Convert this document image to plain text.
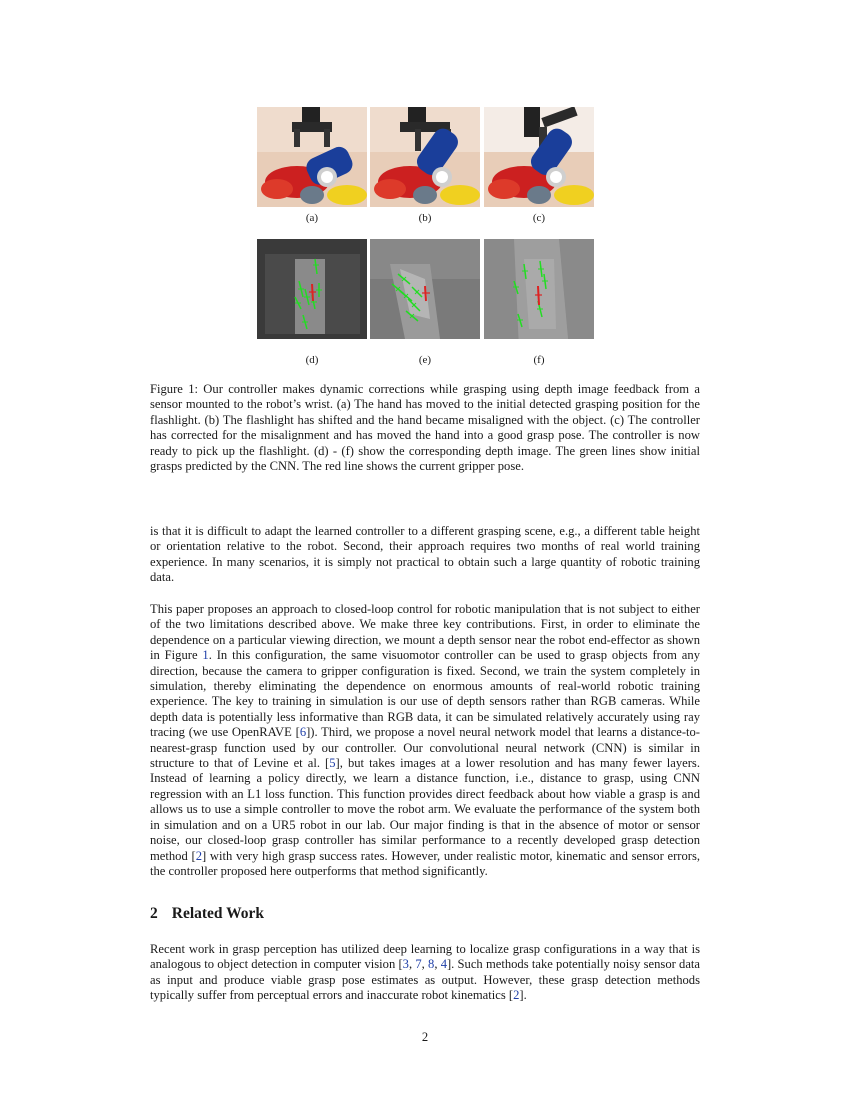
(a)	(b)	(c)
(d)	(e)	(f)

Figure 1: Our controller makes dynamic corrections while grasping using depth image feedback from a sensor mounted to the robot’s wrist. (a) The hand has moved to the initial detected grasping position for the flashlight. (b) The flashlight has shifted and the hand became misaligned with the object. (c) The controller has corrected for the misalignment and has moved the hand into a good grasp pose. The controller is now ready to pick up the flashlight. (d) - (f) show the corresponding depth image. The green lines show initial grasps predicted by the CNN. The red line shows the current gripper pose.

is that it is difficult to adapt the learned controller to a different grasping scene, e.g., a different table height or orientation relative to the robot. Second, their approach requires two months of real world training experience. In many scenarios, it is simply not practical to obtain such a large quantity of robotic training data.

This paper proposes an approach to closed-loop control for robotic manipulation that is not subject to either of the two limitations described above. We make three key contributions. First, in order to eliminate the dependence on a particular viewing direction, we mount a depth sensor near the robot end-effector as shown in Figure 1. In this configuration, the same visuomotor controller can be used to grasp objects from any direction, because the camera to gripper configuration is fixed. Second, we train the system completely in simulation, thereby eliminating the dependence on enormous amounts of real-world robotic training experience. The key to training in simulation is our use of depth sensors rather than RGB cameras. While depth data is potentially less informative than RGB data, it can be simulated relatively accurately using ray tracing (we use OpenRAVE [6]). Third, we propose a novel neural network model that learns a distance-to-nearest-grasp function used by our controller. Our convolutional neural network (CNN) is similar in structure to that of Levine et al. [5], but takes images at a lower resolution and has many fewer layers. Instead of learning a policy directly, we learn a distance function, i.e., distance to grasp, using CNN regression with an L1 loss function. This function provides direct feedback about how viable a grasp is and allows us to use a simple controller to move the robot arm. We evaluate the performance of the system both in simulation and on a UR5 robot in our lab. Our major finding is that in the absence of motor or sensor noise, our closed-loop grasp controller has similar performance to a recently developed grasp detection method [2] with very high grasp success rates. However, under realistic motor, kinematic and sensor errors, the controller proposed here outperforms that method significantly.

2 Related Work

Recent work in grasp perception has utilized deep learning to localize grasp configurations in a way that is analogous to object detection in computer vision [3, 7, 8, 4]. Such methods take potentially noisy sensor data as input and produce viable grasp pose estimates as output. However, these grasp detection methods typically suffer from perceptual errors and inaccurate robot kinematics [2].

2
